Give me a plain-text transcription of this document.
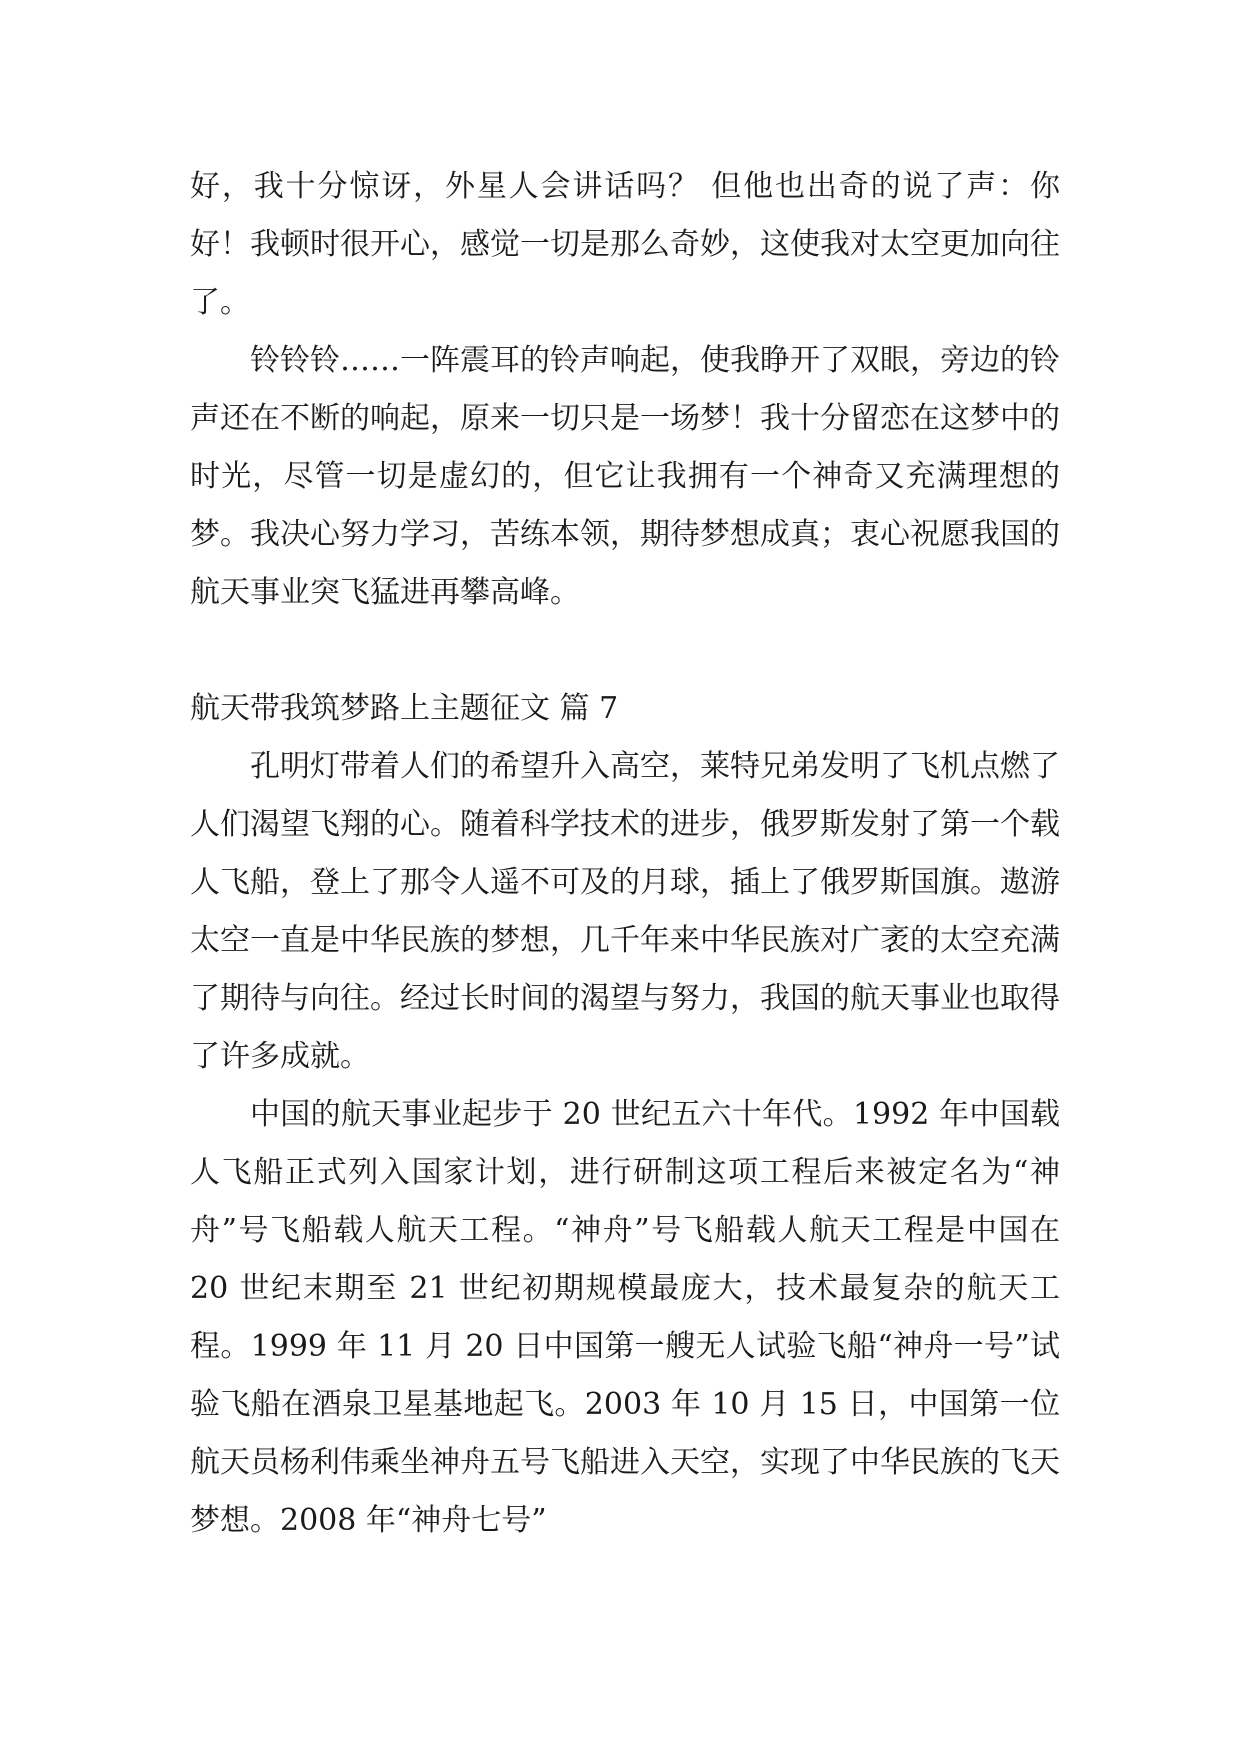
好，我十分惊讶，外星人会讲话吗？ 但他也出奇的说了声：你好！我顿时很开心，感觉一切是那么奇妙，这使我对太空更加向往了。

铃铃铃……一阵震耳的铃声响起，使我睁开了双眼，旁边的铃声还在不断的响起，原来一切只是一场梦！我十分留恋在这梦中的时光，尽管一切是虚幻的，但它让我拥有一个神奇又充满理想的梦。我决心努力学习，苦练本领，期待梦想成真；衷心祝愿我国的航天事业突飞猛进再攀高峰。

航天带我筑梦路上主题征文 篇 7

孔明灯带着人们的希望升入高空，莱特兄弟发明了飞机点燃了人们渴望飞翔的心。随着科学技术的进步，俄罗斯发射了第一个载人飞船，登上了那令人遥不可及的月球，插上了俄罗斯国旗。遨游太空一直是中华民族的梦想，几千年来中华民族对广袤的太空充满了期待与向往。经过长时间的渴望与努力，我国的航天事业也取得了许多成就。

中国的航天事业起步于 20 世纪五六十年代。1992 年中国载人飞船正式列入国家计划，进行研制这项工程后来被定名为“神舟”号飞船载人航天工程。“神舟”号飞船载人航天工程是中国在 20 世纪末期至 21 世纪初期规模最庞大，技术最复杂的航天工程。1999 年 11 月 20 日中国第一艘无人试验飞船“神舟一号”试验飞船在酒泉卫星基地起飞。2003 年 10 月 15 日，中国第一位航天员杨利伟乘坐神舟五号飞船进入天空，实现了中华民族的飞天梦想。2008 年“神舟七号”
